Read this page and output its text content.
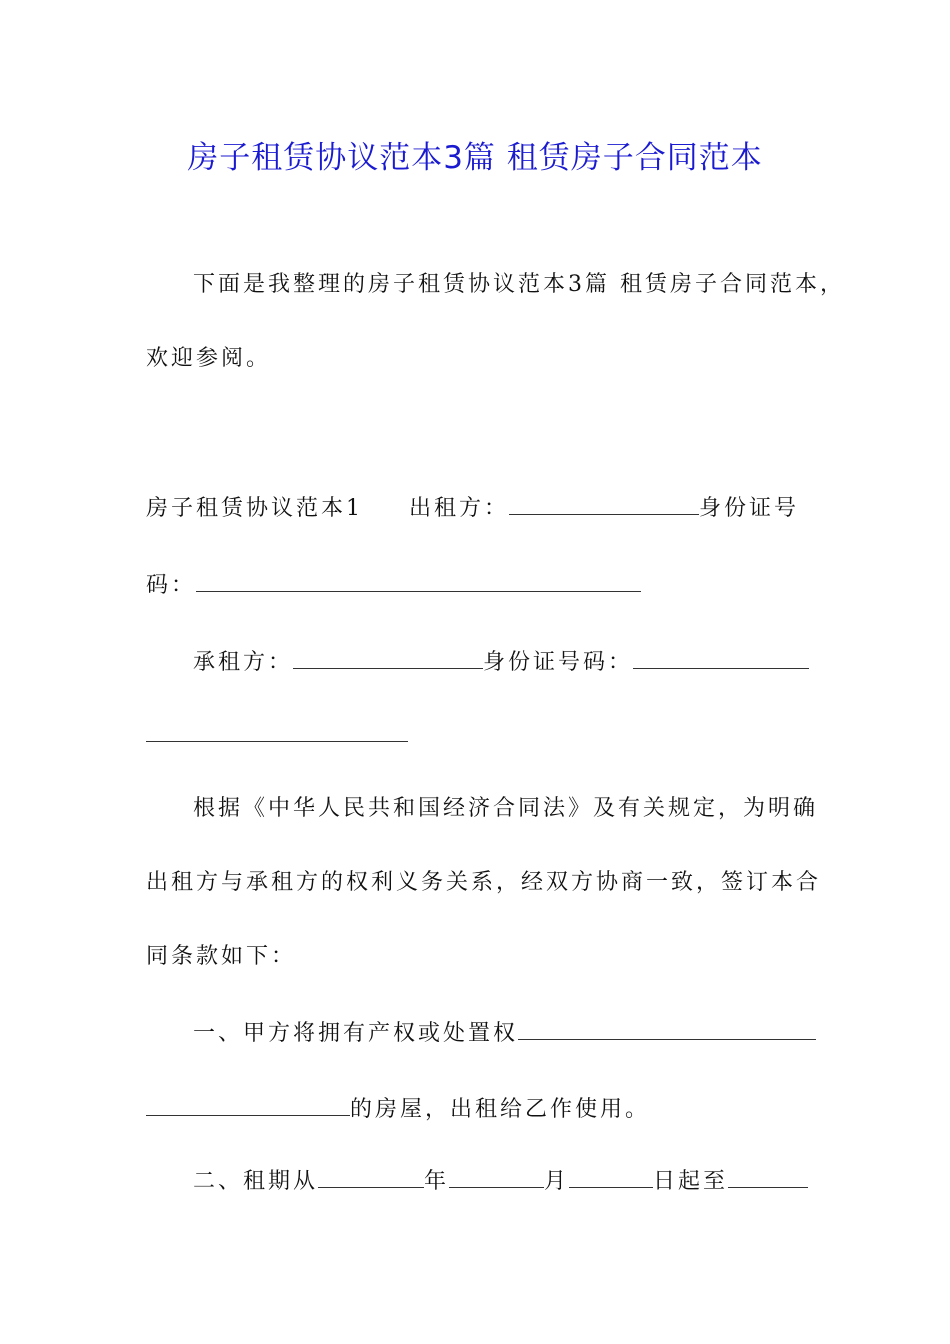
房子租赁协议范本3篇 租赁房子合同范本
下面是我整理的房子租赁协议范本3篇 租赁房子合同范本，
欢迎参阅。
房子租赁协议范本1 出租方：	身份证号
码：
承租方：	身份证号码：
根据《中华人民共和国经济合同法》及有关规定，为明确
出租方与承租方的权利义务关系，经双方协商一致，签订本合
同条款如下：
一、甲方将拥有产权或处置权
的房屋，出租给乙作使用。
二、租期从	年	月	日起至
